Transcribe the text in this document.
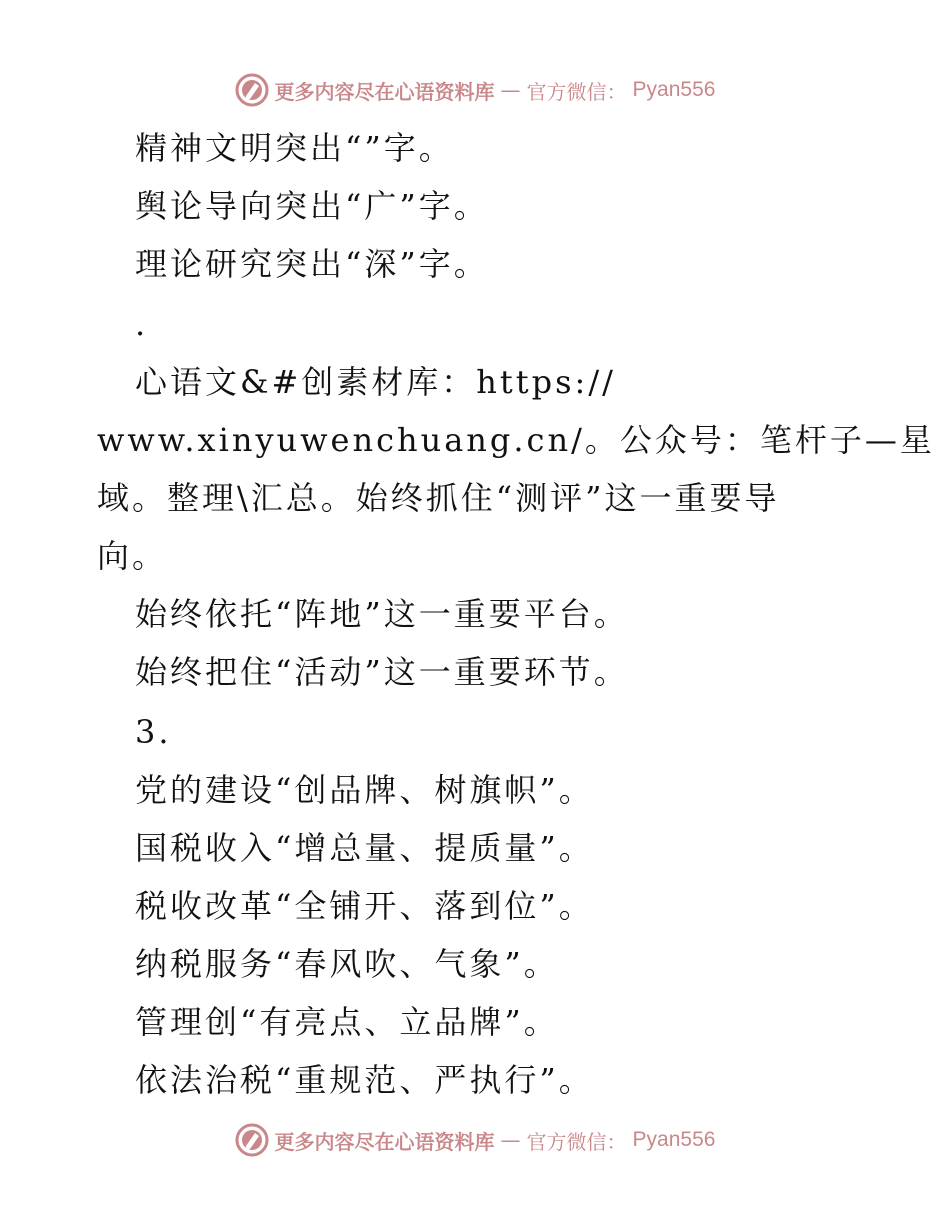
更多内容尽在心语资料库 — 官方微信： Pyan556
精神文明突出“”字。
舆论导向突出“广”字。
理论研究突出“深”字。
.
心语文&#创素材库：https://
www.xinyuwenchuang.cn/。公众号：笔杆子—星
域。整理\汇总。始终抓住“测评”这一重要导
向。
始终依托“阵地”这一重要平台。
始终把住“活动”这一重要环节。
3.
党的建设“创品牌、树旗帜”。
国税收入“增总量、提质量”。
税收改革“全铺开、落到位”。
纳税服务“春风吹、气象”。
管理创“有亮点、立品牌”。
依法治税“重规范、严执行”。
更多内容尽在心语资料库 — 官方微信： Pyan556
